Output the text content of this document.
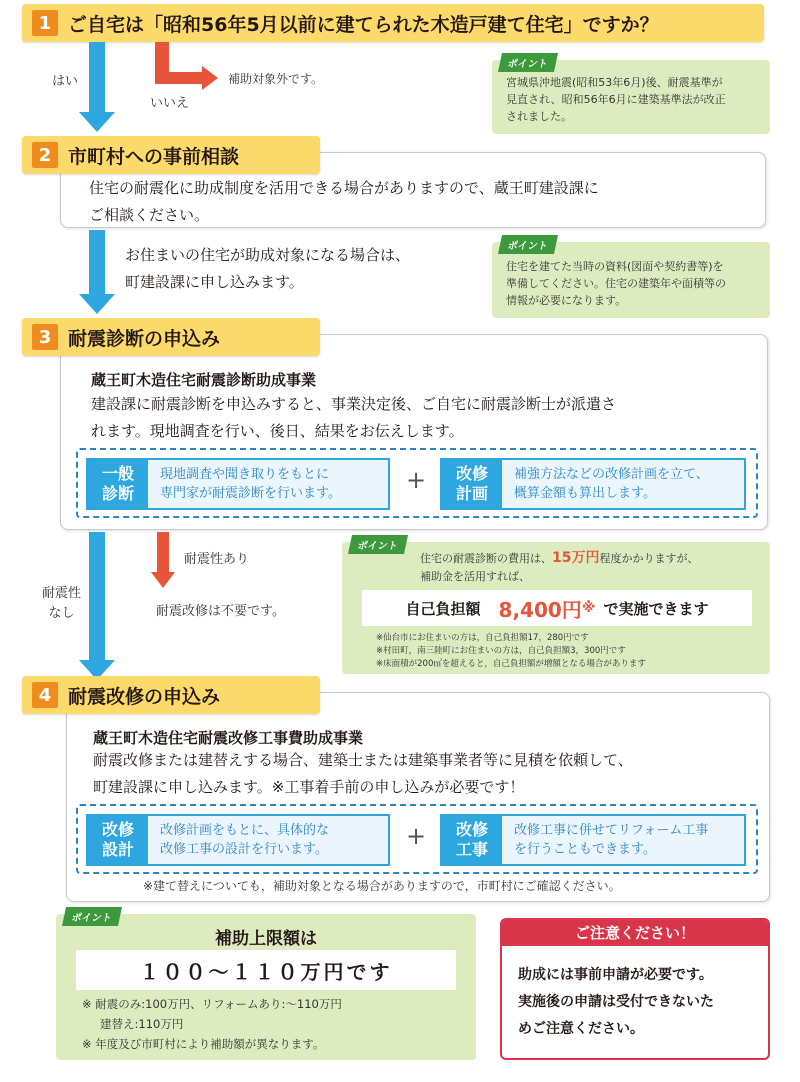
1 ご自宅は「昭和56年5月以前に建てられた木造戸建て住宅」ですか？
はい
いいえ
補助対象外です。
ポイント
宮城県沖地震(昭和53年6月)後、耐震基準が
見直され、昭和56年6月に建築基準法が改正
されました。
住宅の耐震化に助成制度を活用できる場合がありますので、蔵王町建設課に
ご相談ください。
2 市町村への事前相談
お住まいの住宅が助成対象になる場合は、
町建設課に申し込みます。
ポイント
住宅を建てた当時の資料(図面や契約書等)を
準備してください。住宅の建築年や面積等の
情報が必要になります。
蔵王町木造住宅耐震診断助成事業
建設課に耐震診断を申込みすると、事業決定後、ご自宅に耐震診断士が派遣さ
れます。現地調査を行い、後日、結果をお伝えします。
3 耐震診断の申込み
一般
診断
現地調査や聞き取りをもとに
専門家が耐震診断を行います。	+ 改修
計画
補強方法などの改修計画を立て、
概算金額も算出します。
耐震性
なし
耐震性あり
耐震改修は不要です。
ポイント
住宅の耐震診断の費用は、15万円程度かかりますが、
補助金を活用すれば、
自己負担額 8,400円 ※ で実施できます
※仙台市にお住まいの方は，自己負担額17，280円です
※村田町，南三陸町にお住まいの方は，自己負担額3，300円です
※床面積が200㎡を超えると，自己負担額が増額となる場合があります
蔵王町木造住宅耐震改修工事費助成事業
耐震改修または建替えする場合、建築士または建築事業者等に見積を依頼して、
町建設課に申し込みます。※工事着手前の申し込みが必要です！
※建て替えについても，補助対象となる場合がありますので，市町村にご確認ください。
4 耐震改修の申込み
改修
設計
改修計画をもとに、具体的な
改修工事の設計を行います。	+ 改修
工事
改修工事に併せてリフォーム工事
を行うこともできます。
ポイント
補助上限額は
１００～１１０万円です
※ 耐震のみ:100万円、リフォームあり:～110万円
建替え:110万円
※ 年度及び市町村により補助額が異なります。
ご注意ください！
助成には事前申請が必要です。
実施後の申請は受付できないた
めご注意ください。
